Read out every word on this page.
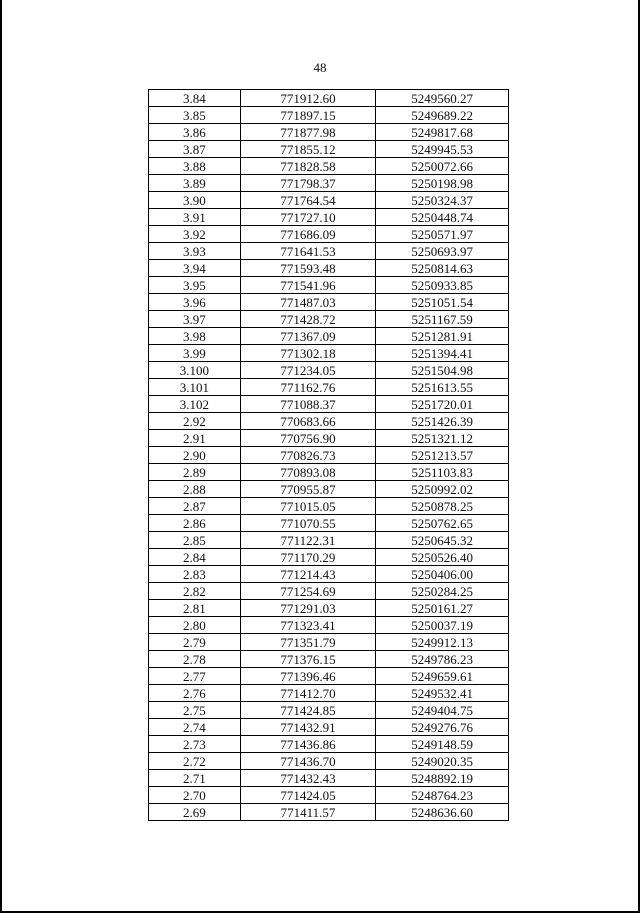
48
3.84	771912.60	5249560.27
3.85	771897.15	5249689.22
3.86	771877.98	5249817.68
3.87	771855.12	5249945.53
3.88	771828.58	5250072.66
3.89	771798.37	5250198.98
3.90	771764.54	5250324.37
3.91	771727.10	5250448.74
3.92	771686.09	5250571.97
3.93	771641.53	5250693.97
3.94	771593.48	5250814.63
3.95	771541.96	5250933.85
3.96	771487.03	5251051.54
3.97	771428.72	5251167.59
3.98	771367.09	5251281.91
3.99	771302.18	5251394.41
3.100	771234.05	5251504.98
3.101	771162.76	5251613.55
3.102	771088.37	5251720.01
2.92	770683.66	5251426.39
2.91	770756.90	5251321.12
2.90	770826.73	5251213.57
2.89	770893.08	5251103.83
2.88	770955.87	5250992.02
2.87	771015.05	5250878.25
2.86	771070.55	5250762.65
2.85	771122.31	5250645.32
2.84	771170.29	5250526.40
2.83	771214.43	5250406.00
2.82	771254.69	5250284.25
2.81	771291.03	5250161.27
2.80	771323.41	5250037.19
2.79	771351.79	5249912.13
2.78	771376.15	5249786.23
2.77	771396.46	5249659.61
2.76	771412.70	5249532.41
2.75	771424.85	5249404.75
2.74	771432.91	5249276.76
2.73	771436.86	5249148.59
2.72	771436.70	5249020.35
2.71	771432.43	5248892.19
2.70	771424.05	5248764.23
2.69	771411.57	5248636.60
